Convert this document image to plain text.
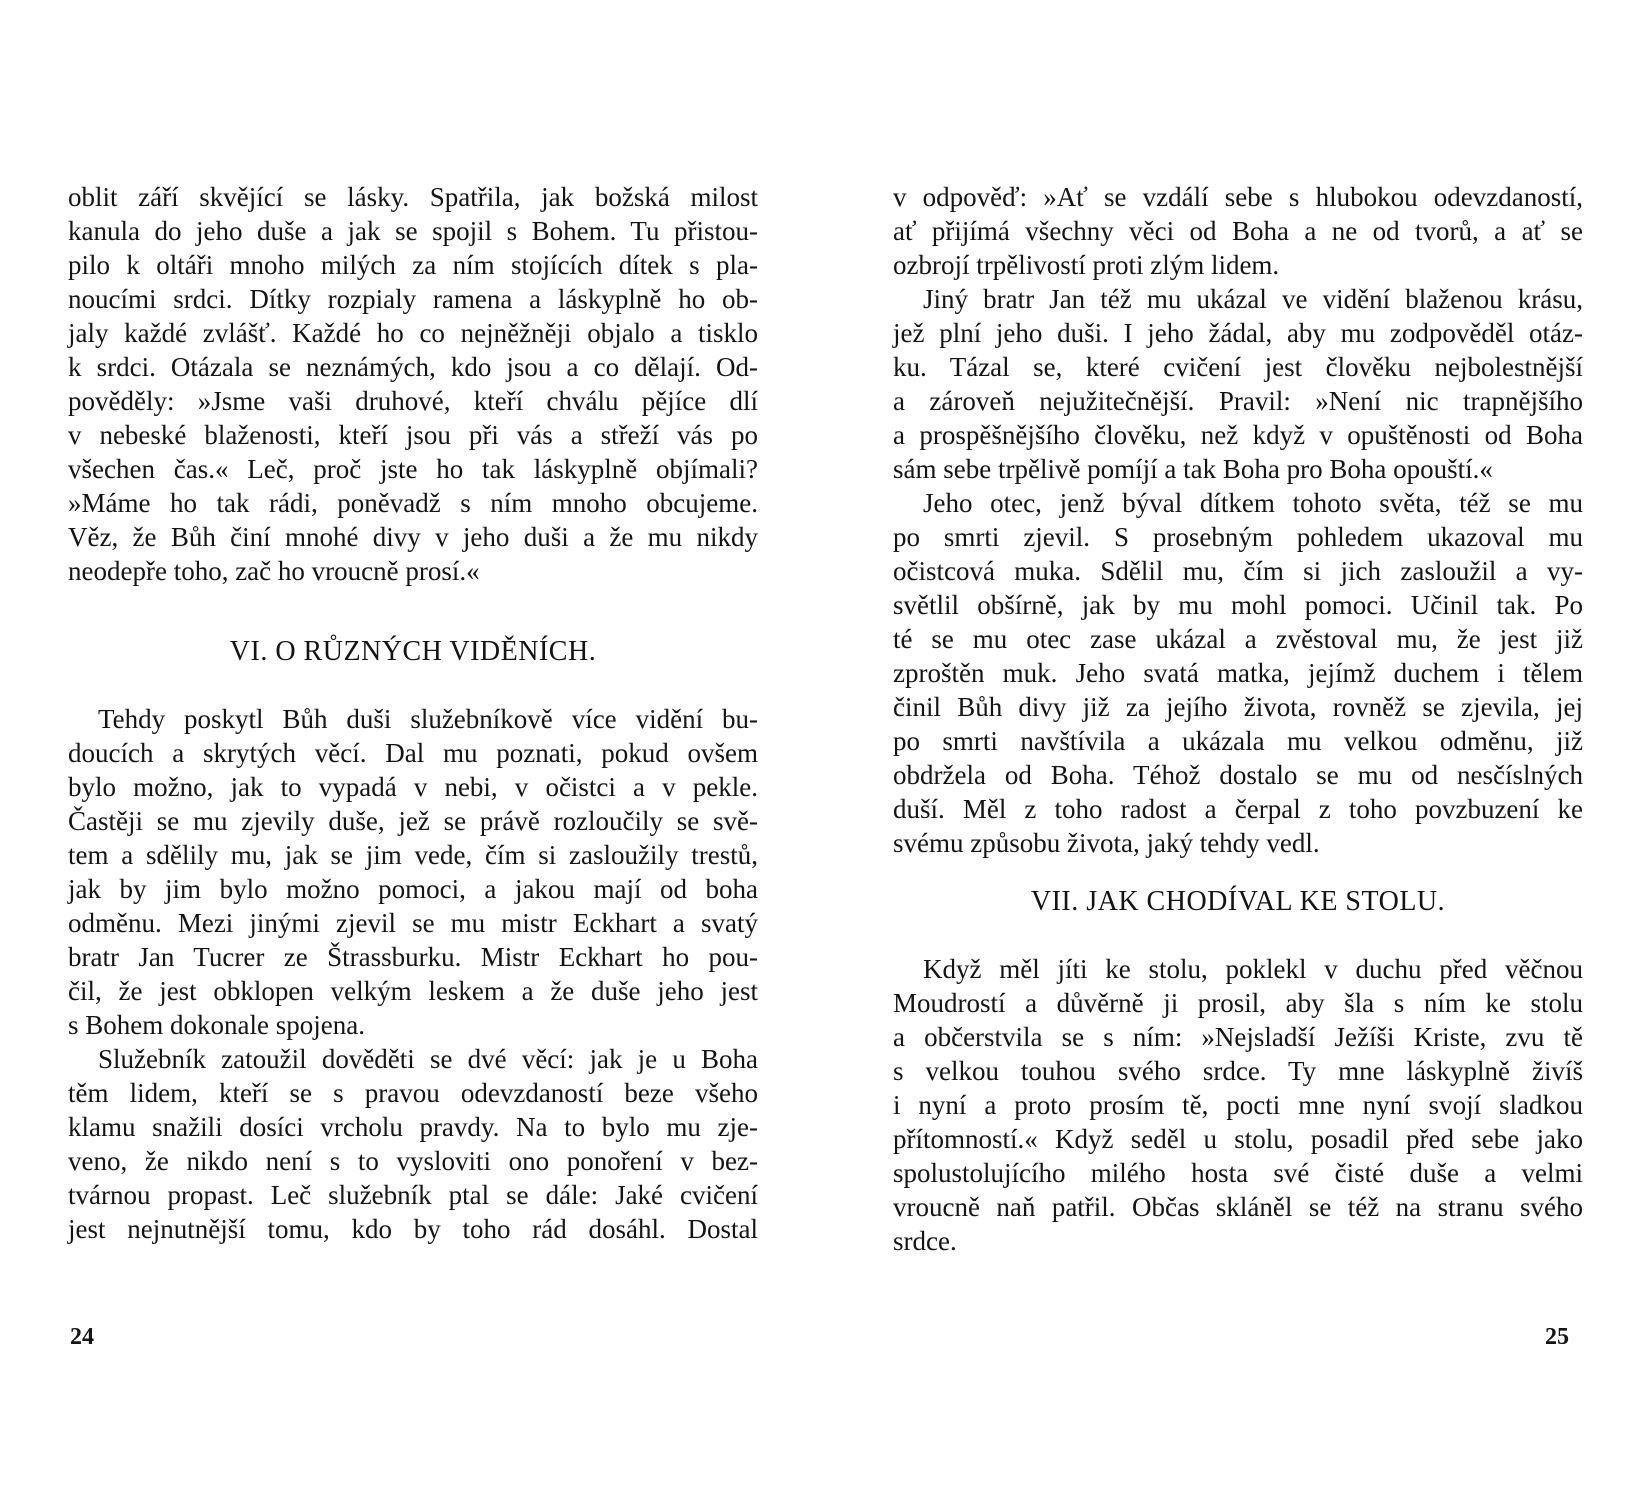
oblit září skvějící se lásky. Spatřila, jak božská milost
kanula do jeho duše a jak se spojil s Bohem. Tu přistou-
pilo k oltáři mnoho milých za ním stojících dítek s pla-
noucími srdci. Dítky rozpialy ramena a láskyplně ho ob-
jaly každé zvlášť. Každé ho co nejněžněji objalo a tisklo
k srdci. Otázala se neznámých, kdo jsou a co dělají. Od-
pověděly: »Jsme vaši druhové, kteří chválu pějíce dlí
v nebeské blaženosti, kteří jsou při vás a střeží vás po
všechen čas.« Leč, proč jste ho tak láskyplně objímali?
»Máme ho tak rádi, poněvadž s ním mnoho obcujeme.
Věz, že Bůh činí mnohé divy v jeho duši a že mu nikdy
neodepře toho, zač ho vroucně prosí.«
VI. O RŮZNÝCH VIDĚNÍCH.
Tehdy poskytl Bůh duši služebníkově více vidění bu-
doucích a skrytých věcí. Dal mu poznati, pokud ovšem
bylo možno, jak to vypadá v nebi, v očistci a v pekle.
Častěji se mu zjevily duše, jež se právě rozloučily se svě-
tem a sdělily mu, jak se jim vede, čím si zasloužily trestů,
jak by jim bylo možno pomoci, a jakou mají od boha
odměnu. Mezi jinými zjevil se mu mistr Eckhart a svatý
bratr Jan Tucrer ze Štrassburku. Mistr Eckhart ho pou-
čil, že jest obklopen velkým leskem a že duše jeho jest
s Bohem dokonale spojena.
Služebník zatoužil dověděti se dvé věcí: jak je u Boha
těm lidem, kteří se s pravou odevzdaností beze všeho
klamu snažili dosíci vrcholu pravdy. Na to bylo mu zje-
veno, že nikdo není s to vysloviti ono ponoření v bez-
tvárnou propast. Leč služebník ptal se dále: Jaké cvičení
jest nejnutnější tomu, kdo by toho rád dosáhl. Dostal
v odpověď: »Ať se vzdálí sebe s hlubokou odevzdaností,
ať přijímá všechny věci od Boha a ne od tvorů, a ať se
ozbrojí trpělivostí proti zlým lidem.
Jiný bratr Jan též mu ukázal ve vidění blaženou krásu,
jež plní jeho duši. I jeho žádal, aby mu zodpověděl otáz-
ku. Tázal se, které cvičení jest člověku nejbolestnější
a zároveň nejužitečnější. Pravil: »Není nic trapnějšího
a prospěšnějšího člověku, než když v opuštěnosti od Boha
sám sebe trpělivě pomíjí a tak Boha pro Boha opouští.«
Jeho otec, jenž býval dítkem tohoto světa, též se mu
po smrti zjevil. S prosebným pohledem ukazoval mu
očistcová muka. Sdělil mu, čím si jich zasloužil a vy-
světlil obšírně, jak by mu mohl pomoci. Učinil tak. Po
té se mu otec zase ukázal a zvěstoval mu, že jest již
zproštěn muk. Jeho svatá matka, jejímž duchem i tělem
činil Bůh divy již za jejího života, rovněž se zjevila, jej
po smrti navštívila a ukázala mu velkou odměnu, již
obdržela od Boha. Téhož dostalo se mu od nesčíslných
duší. Měl z toho radost a čerpal z toho povzbuzení ke
svému způsobu života, jaký tehdy vedl.
VII. JAK CHODÍVAL KE STOLU.
Když měl jíti ke stolu, poklekl v duchu před věčnou
Moudrostí a důvěrně ji prosil, aby šla s ním ke stolu
a občerstvila se s ním: »Nejsladší Ježíši Kriste, zvu tě
s velkou touhou svého srdce. Ty mne láskyplně živíš
i nyní a proto prosím tě, pocti mne nyní svojí sladkou
přítomností.« Když seděl u stolu, posadil před sebe jako
spolustolujícího milého hosta své čisté duše a velmi
vroucně naň patřil. Občas skláněl se též na stranu svého
srdce.
24	25
